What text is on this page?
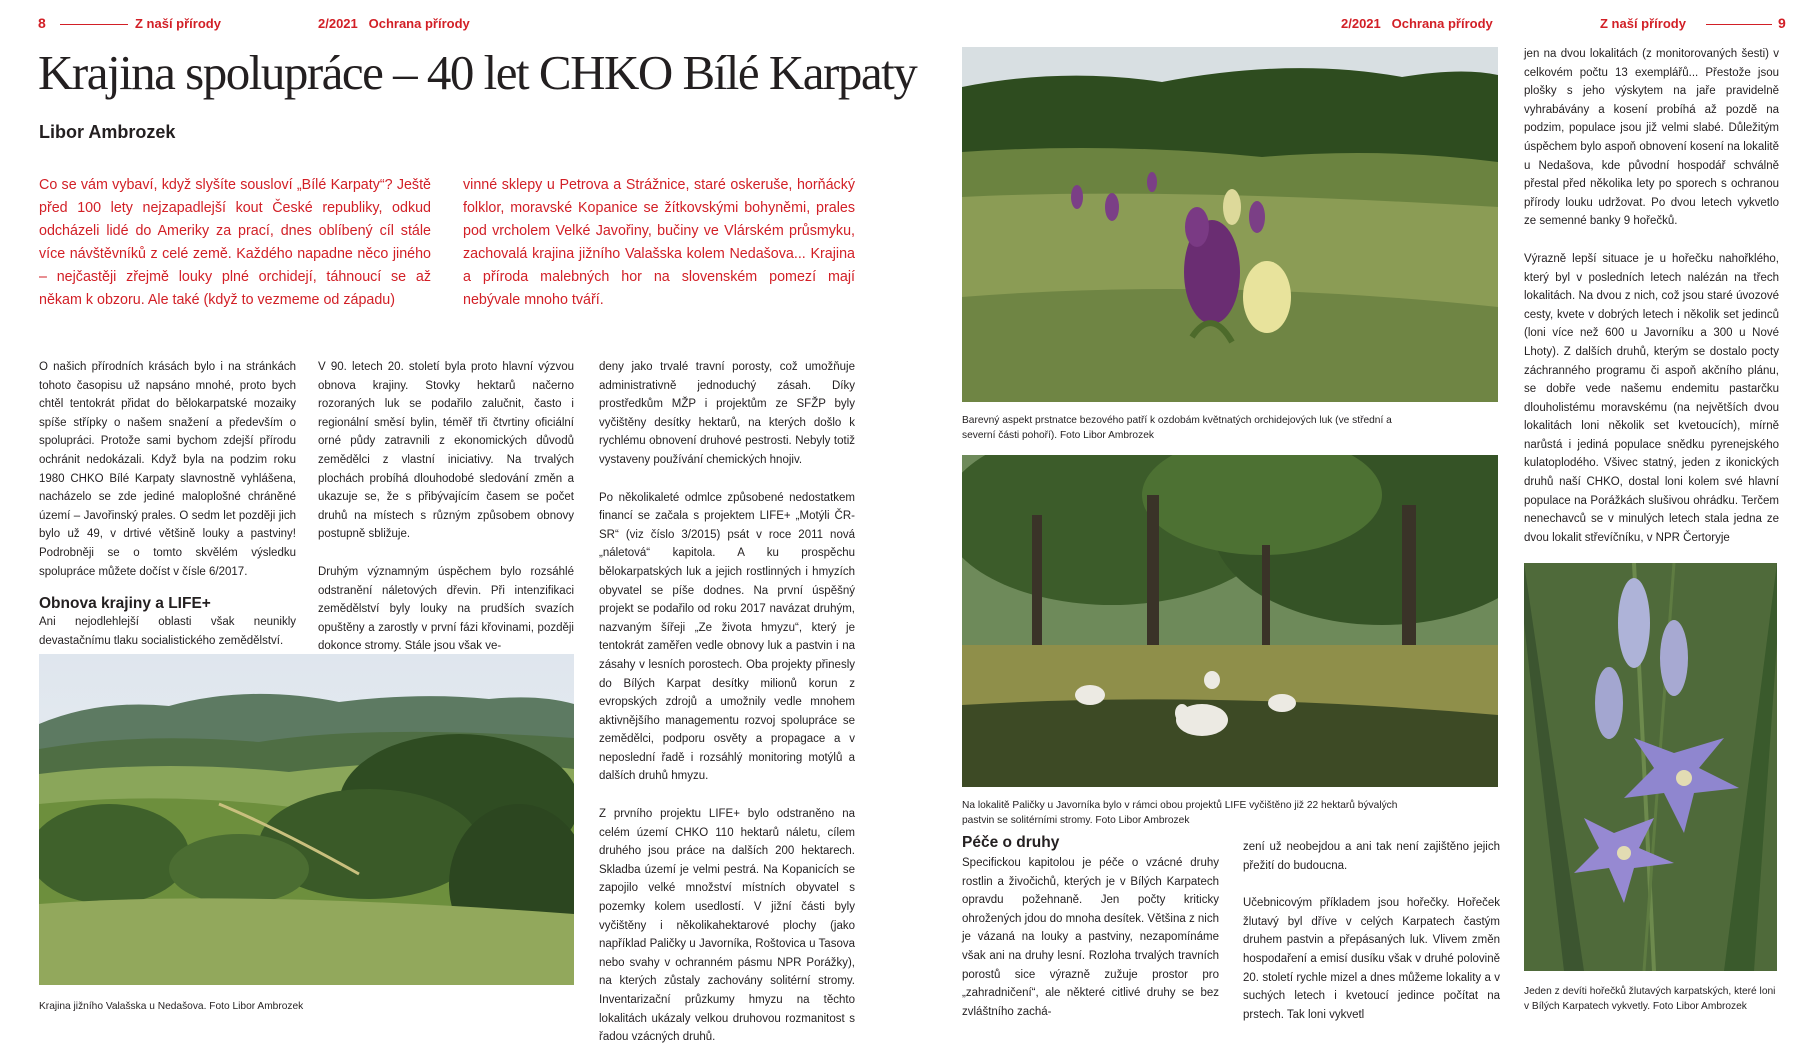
8	Z naší přírody	2/2021 Ochrana přírody	2/2021 Ochrana přírody	Z naší přírody	9
Krajina spolupráce – 40 let CHKO Bílé Karpaty
Libor Ambrozek
Co se vám vybaví, když slyšíte sousloví „Bílé Karpaty“? Ještě před 100 lety nejzapadlejší kout České republiky, odkud odcházeli lidé do Ameriky za prací, dnes oblíbený cíl stále více návštěvníků z celé země. Každého napadne něco jiného – nejčastěji zřejmě louky plné orchidejí, táhnoucí se až někam k obzoru. Ale také (když to vezmeme od západu)
vinné sklepy u Petrova a Strážnice, staré oskeruše, horňácký folklor, moravské Kopanice se žítkovskými bohyněmi, prales pod vrcholem Velké Javořiny, bučiny ve Vlárském průsmyku, zachovalá krajina jižního Valašska kolem Nedašova... Krajina a příroda malebných hor na slovenském pomezí mají nebývale mnoho tváří.

O našich přírodních krásách bylo i na stránkách tohoto časopisu už napsáno mnohé, proto bych chtěl tentokrát přidat do bělokarpatské mozaiky spíše střípky o našem snažení a především o spolupráci. Protože sami bychom zdejší přírodu ochránit nedokázali. Když byla na podzim roku 1980 CHKO Bílé Karpaty slavnostně vyhlášena, nacházelo se zde jediné maloplošné chráněné území – Javořinský prales. O sedm let později jich bylo už 49, v drtivé většině louky a pastviny! Podrobněji se o tomto skvělém výsledku spolupráce můžete dočíst v čísle 6/2017.

Obnova krajiny a LIFE+

Ani nejodlehlejší oblasti však neunikly devastačnímu tlaku socialistického zemědělství.

V 90. letech 20. století byla proto hlavní výzvou obnova krajiny. Stovky hektarů načerno rozoraných luk se podařilo zalučnit, často i regionální směsí bylin, téměř tři čtvrtiny oficiální orné půdy zatravnili z ekonomických důvodů zemědělci z vlastní iniciativy. Na trvalých plochách probíhá dlouhodobé sledování změn a ukazuje se, že s přibývajícím časem se počet druhů na místech s různým způsobem obnovy postupně sbližuje.

Druhým významným úspěchem bylo rozsáhlé odstranění náletových dřevin. Při intenzifikaci zemědělství byly louky na prudších svazích opuštěny a zarostly v první fázi křovinami, později dokonce stromy. Stále jsou však ve-

deny jako trvalé travní porosty, což umožňuje administrativně jednoduchý zásah. Díky prostředkům MŽP i projektům ze SFŽP byly vyčištěny desítky hektarů, na kterých došlo k rychlému obnovení druhové pestrosti. Nebyly totiž vystaveny používání chemických hnojiv.

Po několikaleté odmlce způsobené nedostatkem financí se začala s projektem LIFE+ „Motýli ČR-SR“ (viz číslo 3/2015) psát v roce 2011 nová „náletová“ kapitola. A ku prospěchu bělokarpatských luk a jejich rostlinných i hmyzích obyvatel se píše dodnes. Na první úspěšný projekt se podařilo od roku 2017 navázat druhým, nazvaným šířeji „Ze života hmyzu“, který je tentokrát zaměřen vedle obnovy luk a pastvin i na zásahy v lesních porostech. Oba projekty přinesly do Bílých Karpat desítky milionů korun z evropských zdrojů a umožnily vedle mnohem aktivnějšího managementu rozvoj spolupráce se zemědělci, podporu osvěty a propagace a v neposlední řadě i rozsáhlý monitoring motýlů a dalších druhů hmyzu.

Z prvního projektu LIFE+ bylo odstraněno na celém území CHKO 110 hektarů náletu, cílem druhého jsou práce na dalších 200 hektarech. Skladba území je velmi pestrá. Na Kopanicích se zapojilo velké množství místních obyvatel s pozemky kolem usedlostí. V jižní části byly vyčištěny i několikahektarové plochy (jako například Paličky u Javorníka, Roštovica u Tasova nebo svahy v ochranném pásmu NPR Porážky), na kterých zůstaly zachovány solitérní stromy. Inventarizační průzkumy hmyzu na těchto lokalitách ukázaly velkou druhovou rozmanitost s řadou vzácných druhů.

Krajina jižního Valašska u Nedašova. Foto Libor Ambrozek
Barevný aspekt prstnatce bezového patří k ozdobám květnatých orchidejových luk (ve střední a severní části pohoří). Foto Libor Ambrozek
Na lokalitě Paličky u Javorníka bylo v rámci obou projektů LIFE vyčištěno již 22 hektarů bývalých pastvin se solitérními stromy. Foto Libor Ambrozek
Péče o druhy

Specifickou kapitolou je péče o vzácné druhy rostlin a živočichů, kterých je v Bílých Karpatech opravdu požehnaně. Jen počty kriticky ohrožených jdou do mnoha desítek. Většina z nich je vázaná na louky a pastviny, nezapomínáme však ani na druhy lesní. Rozloha trvalých travních porostů sice výrazně zužuje prostor pro „zahradničení“, ale některé citlivé druhy se bez zvláštního zachá-

zení už neobejdou a ani tak není zajištěno jejich přežití do budoucna.

Učebnicovým příkladem jsou hořečky. Hořeček žlutavý byl dříve v celých Karpatech častým druhem pastvin a přepásaných luk. Vlivem změn hospodaření a emisí dusíku však v druhé polovině 20. století rychle mizel a dnes můžeme lokality a v suchých letech i kvetoucí jedince počítat na prstech. Tak loni vykvetl

jen na dvou lokalitách (z monitorovaných šesti) v celkovém počtu 13 exemplářů... Přestože jsou plošky s jeho výskytem na jaře pravidelně vyhrabávány a kosení probíhá až pozdě na podzim, populace jsou již velmi slabé. Důležitým úspěchem bylo aspoň obnovení kosení na lokalitě u Nedašova, kde původní hospodář schválně přestal před několika lety po sporech s ochranou přírody louku udržovat. Po dvou letech vykvetlo ze semenné banky 9 hořečků.

Výrazně lepší situace je u hořečku nahořklého, který byl v posledních letech nalézán na třech lokalitách. Na dvou z nich, což jsou staré úvozové cesty, kvete v dobrých letech i několik set jedinců (loni více než 600 u Javorníku a 300 u Nové Lhoty). Z dalších druhů, kterým se dostalo pocty záchranného programu či aspoň akčního plánu, se dobře vede našemu endemitu pastarčku dlouholistému moravskému (na největších dvou lokalitách loni několik set kvetoucích), mírně narůstá i jediná populace snědku pyrenejského kulatoplodého. Všivec statný, jeden z ikonických druhů naší CHKO, dostal loni kolem své hlavní populace na Porážkách slušivou ohrádku. Terčem nenechavců se v minulých letech stala jedna ze dvou lokalit střevíčníku, v NPR Čertoryje

Jeden z devíti hořečků žlutavých karpatských, které loni v Bílých Karpatech vykvetly. Foto Libor Ambrozek
